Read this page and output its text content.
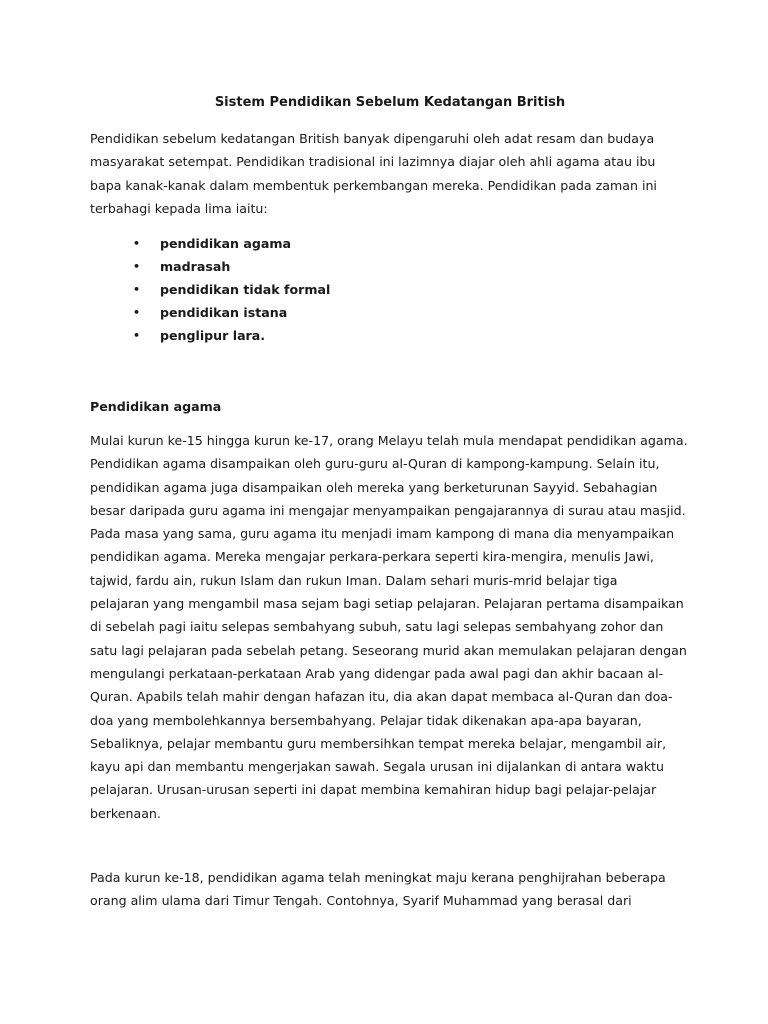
Sistem Pendidikan Sebelum Kedatangan British
Pendidikan sebelum kedatangan British banyak dipengaruhi oleh adat resam dan budaya
masyarakat setempat. Pendidikan tradisional ini lazimnya diajar oleh ahli agama atau ibu
bapa kanak-kanak dalam membentuk perkembangan mereka. Pendidikan pada zaman ini
terbahagi kepada lima iaitu:
• pendidikan agama
• madrasah
• pendidikan tidak formal
• pendidikan istana
• penglipur lara.
Pendidikan agama
Mulai kurun ke-15 hingga kurun ke-17, orang Melayu telah mula mendapat pendidikan agama.
Pendidikan agama disampaikan oleh guru-guru al-Quran di kampong-kampung. Selain itu,
pendidikan agama juga disampaikan oleh mereka yang berketurunan Sayyid. Sebahagian
besar daripada guru agama ini mengajar menyampaikan pengajarannya di surau atau masjid.
Pada masa yang sama, guru agama itu menjadi imam kampong di mana dia menyampaikan
pendidikan agama. Mereka mengajar perkara-perkara seperti kira-mengira, menulis Jawi,
tajwid, fardu ain, rukun Islam dan rukun Iman. Dalam sehari muris-mrid belajar tiga
pelajaran yang mengambil masa sejam bagi setiap pelajaran. Pelajaran pertama disampaikan
di sebelah pagi iaitu selepas sembahyang subuh, satu lagi selepas sembahyang zohor dan
satu lagi pelajaran pada sebelah petang. Seseorang murid akan memulakan pelajaran dengan
mengulangi perkataan-perkataan Arab yang didengar pada awal pagi dan akhir bacaan al-
Quran. Apabils telah mahir dengan hafazan itu, dia akan dapat membaca al-Quran dan doa-
doa yang membolehkannya bersembahyang. Pelajar tidak dikenakan apa-apa bayaran,
Sebaliknya, pelajar membantu guru membersihkan tempat mereka belajar, mengambil air,
kayu api dan membantu mengerjakan sawah. Segala urusan ini dijalankan di antara waktu
pelajaran. Urusan-urusan seperti ini dapat membina kemahiran hidup bagi pelajar-pelajar
berkenaan.
Pada kurun ke-18, pendidikan agama telah meningkat maju kerana penghijrahan beberapa
orang alim ulama dari Timur Tengah. Contohnya, Syarif Muhammad yang berasal dari
